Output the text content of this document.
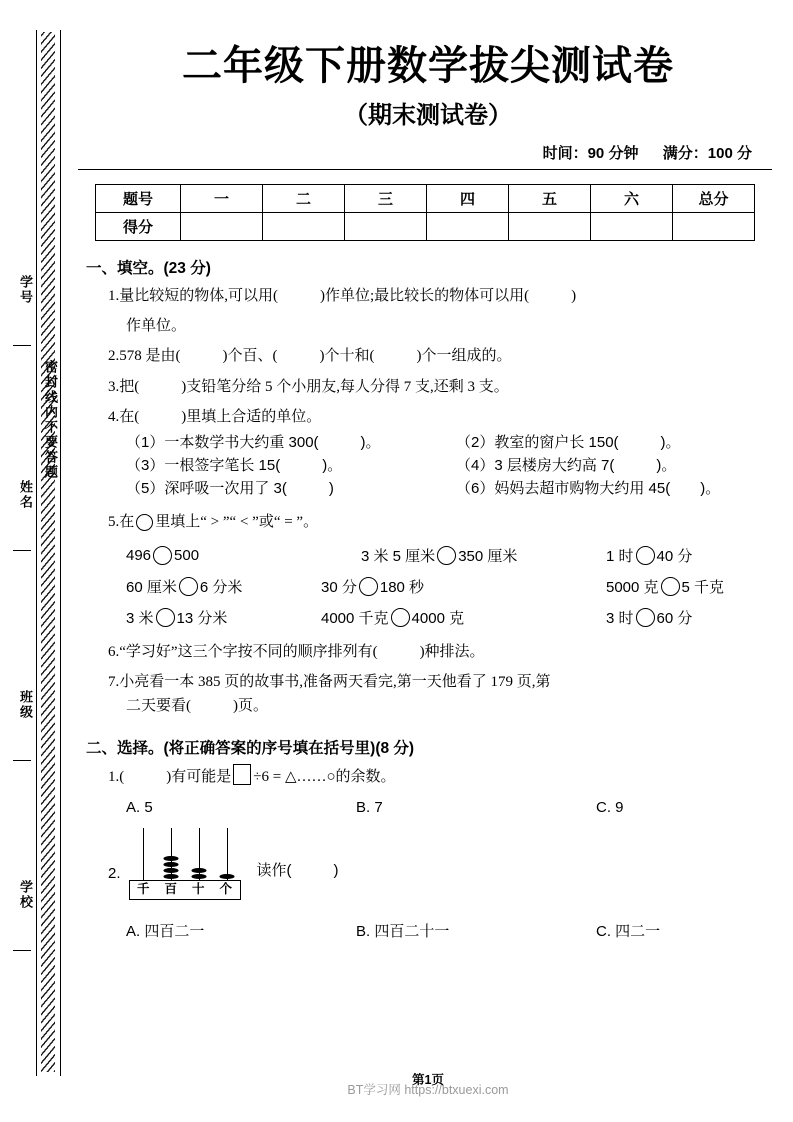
密封线内不要答题
学号
姓名
班级
学校
二年级下册数学拔尖测试卷
（期末测试卷）
时间：90 分钟 满分：100 分
题号	一	二	三	四	五	六	总分
得分							
一、填空。(23 分)
1.量比较短的物体,可以用(	)作单位;最比较长的物体可以用(	)
作单位。
2.578 是由(	)个百、(	)个十和(	)个一组成的。
3.把(	)支铅笔分给 5 个小朋友,每人分得 7 支,还剩 3 支。
4.在(	)里填上合适的单位。
（1）一本数学书大约重 300(	)。	（2）教室的窗户长 150(	)。
（3）一根签字笔长 15(	)。	（4）3 层楼房大约高 7(	)。
（5）深呼吸一次用了 3(	)	（6）妈妈去超市购物大约用 45( )。
5.在 里填上“ > ”“ < ”或“ = ”。
496 500	3 米 5 厘米 350 厘米	1 时 40 分
60 厘米 6 分米	30 分 180 秒	5000 克 5 千克
3 米 13 分米	4000 千克 4000 克	3 时 60 分
6.“学习好”这三个字按不同的顺序排列有(	)种排法。
7.小亮看一本 385 页的故事书,准备两天看完,第一天他看了 179 页,第
二天要看(	)页。
二、选择。(将正确答案的序号填在括号里)(8 分)
1.(	)有可能是 ÷6 = △……○的余数。
A. 5	B. 7	C. 9
2.
千	百	十	个
读作(	)
A. 四百二一	B. 四百二十一	C. 四二一
第1页
BT学习网 https://btxuexi.com
